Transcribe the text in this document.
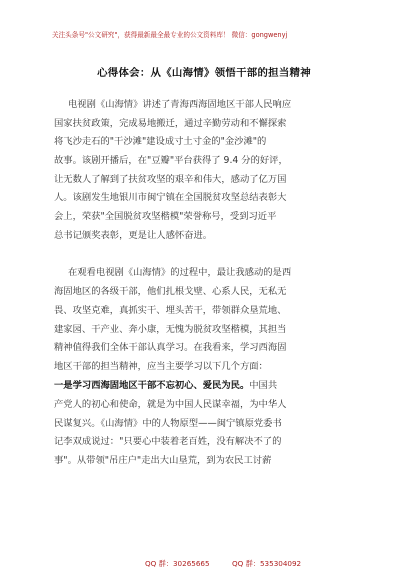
关注头条号"公文研究"，获得最新最全最专业的公文资料库！ 微信：gongwenyj
心得体会：从《山海情》领悟干部的担当精神
电视剧《山海情》讲述了青海西海固地区干部人民响应
国家扶贫政策，完成易地搬迁，通过辛勤劳动和不懈探索
将飞沙走石的"干沙滩"建设成寸土寸金的"金沙滩"的
故事。该剧开播后，在"豆瓣"平台获得了 9.4 分的好评，
让无数人了解到了扶贫攻坚的艰辛和伟大，感动了亿万国
人。该剧发生地银川市闽宁镇在全国脱贫攻坚总结表彰大
会上，荣获"全国脱贫攻坚楷模"荣誉称号，受到习近平
总书记颁奖表彰，更是让人感怀奋进。
在观看电视剧《山海情》的过程中，最让我感动的是西
海固地区的各级干部，他们扎根戈壁、心系人民，无私无
畏、攻坚克难，真抓实干、埋头苦干，带领群众垦荒地、
建家园、干产业、奔小康，无愧为脱贫攻坚楷模，其担当
精神值得我们全体干部认真学习。在我看来，学习西海固
地区干部的担当精神，应当主要学习以下几个方面：
一是学习西海固地区干部不忘初心、爱民为民。中国共
产党人的初心和使命，就是为中国人民谋幸福，为中华人
民谋复兴。《山海情》中的人物原型——闽宁镇原党委书
记李双成说过："只要心中装着老百姓，没有解决不了的
事"。从带领"吊庄户"走出大山垦荒，到为农民工讨薪
QQ 群：30265665	QQ 群：535304092
